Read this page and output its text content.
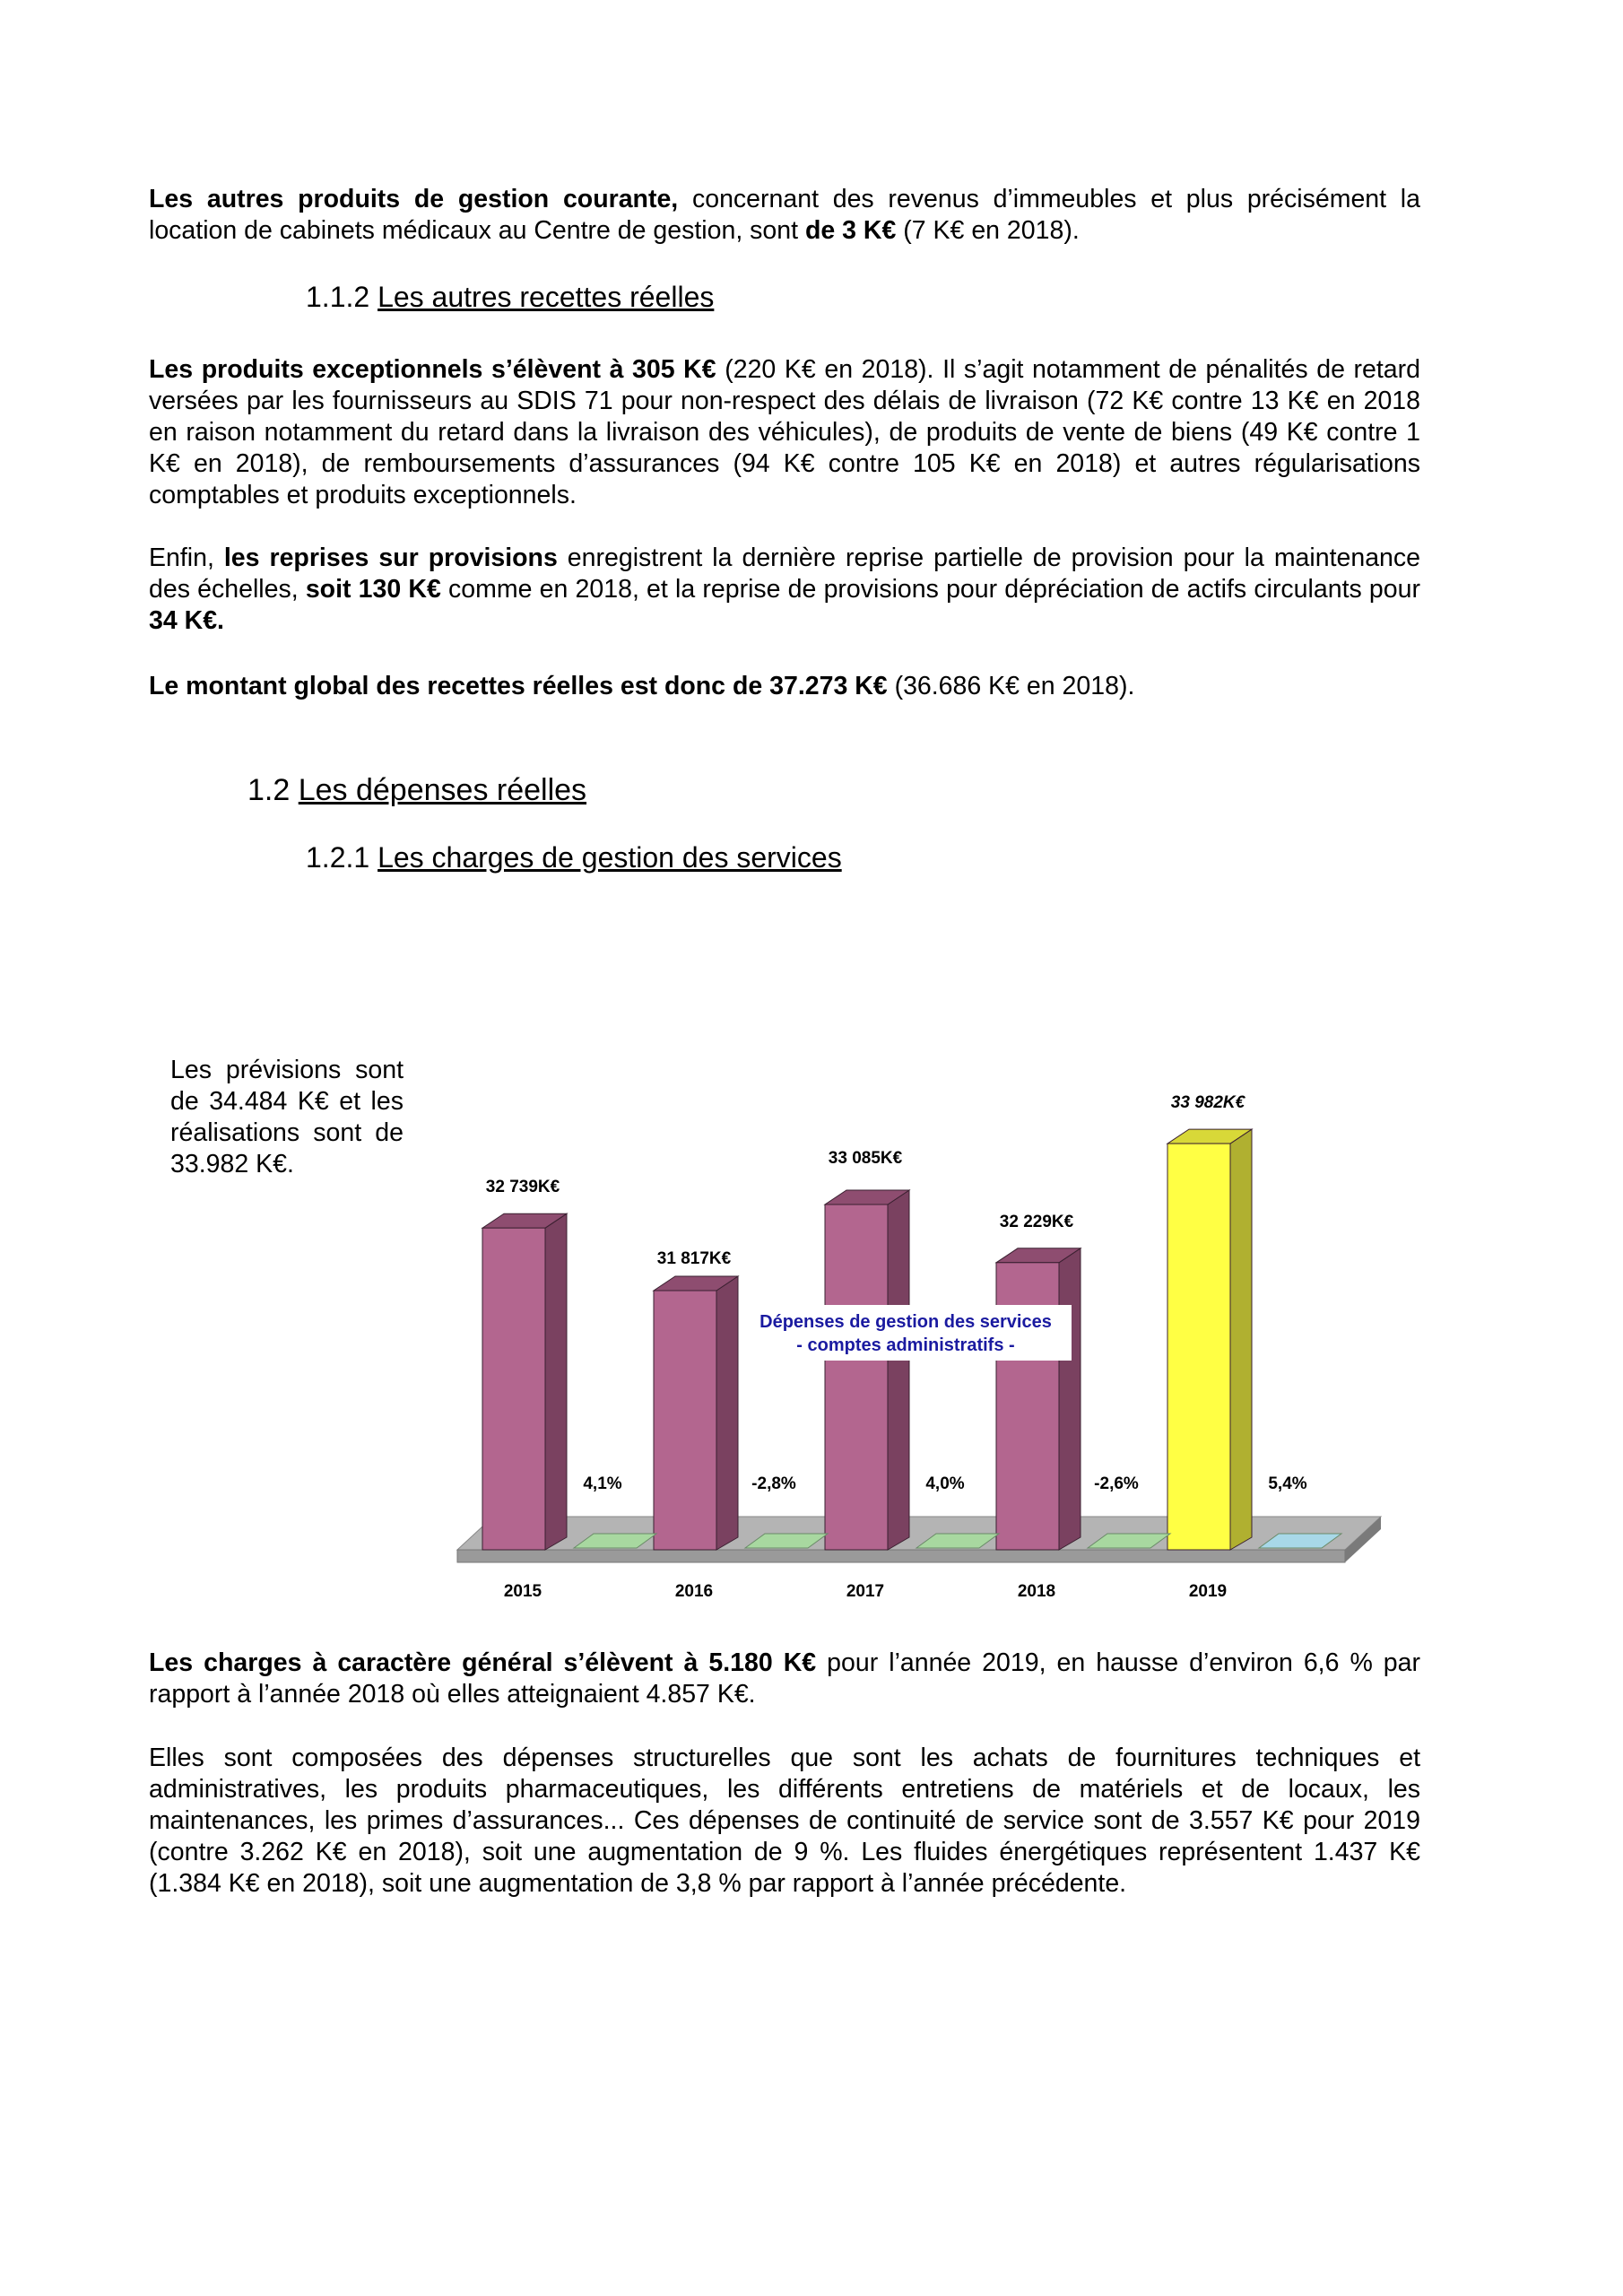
Les autres produits de gestion courante, concernant des revenus d’immeubles et plus précisément la location de cabinets médicaux au Centre de gestion, sont de 3 K€ (7 K€ en 2018).

1.1.2 Les autres recettes réelles

Les produits exceptionnels s’élèvent à 305 K€ (220 K€ en 2018). Il s’agit notamment de pénalités de retard versées par les fournisseurs au SDIS 71 pour non-respect des délais de livraison (72 K€ contre 13 K€ en 2018 en raison notamment du retard dans la livraison des véhicules), de produits de vente de biens (49 K€ contre 1 K€ en 2018), de remboursements d’assurances (94 K€ contre 105 K€ en 2018) et autres régularisations comptables et produits exceptionnels.

Enfin, les reprises sur provisions enregistrent la dernière reprise partielle de provision pour la maintenance des échelles, soit 130 K€ comme en 2018, et la reprise de provisions pour dépréciation de actifs circulants pour 34 K€.

Le montant global des recettes réelles est donc de 37.273 K€ (36.686 K€ en 2018).

1.2 Les dépenses réelles
1.2.1 Les charges de gestion des services

Les prévisions sont de 34.484 K€ et les réalisations sont de 33.982 K€.

32 739K€
4,1%
2015
31 817K€
-2,8%
2016
33 085K€
4,0%
2017
32 229K€
-2,6%
2018
33 982K€
5,4%
2019
Dépenses de gestion des services
- comptes administratifs -

Les charges à caractère général s’élèvent à 5.180 K€ pour l’année 2019, en hausse d’environ 6,6 % par rapport à l’année 2018 où elles atteignaient 4.857 K€.

Elles sont composées des dépenses structurelles que sont les achats de fournitures techniques et administratives, les produits pharmaceutiques, les différents entretiens de matériels et de locaux, les maintenances, les primes d’assurances... Ces dépenses de continuité de service sont de 3.557 K€ pour 2019 (contre 3.262 K€ en 2018), soit une augmentation de 9 %. Les fluides énergétiques représentent 1.437 K€ (1.384 K€ en 2018), soit une augmentation de 3,8 % par rapport à l’année précédente.
